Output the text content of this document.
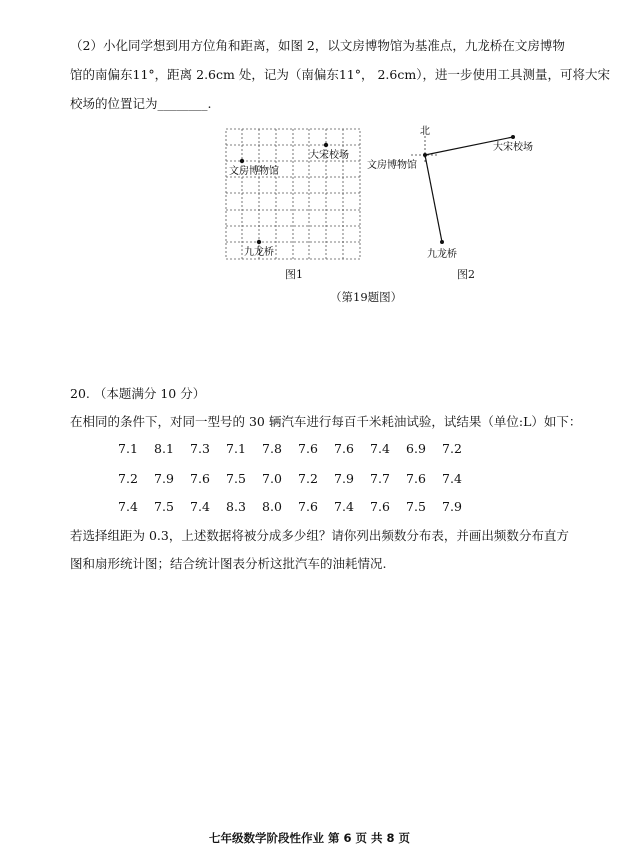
（2）小化同学想到用方位角和距离，如图 2，以文房博物馆为基准点，九龙桥在文房博物
馆的南偏东11°，距离 2.6cm 处，记为（南偏东11°， 2.6cm），进一步使用工具测量，可将大宋
校场的位置记为________.
文房博物馆
大宋校场
九龙桥
图1
北
文房博物馆
大宋校场
九龙桥
图2
（第19题图）
20. （本题满分 10 分）
在相同的条件下，对同一型号的 30 辆汽车进行每百千米耗油试验，试结果（单位:L）如下：
7.1	8.1	7.3	7.1	7.8	7.6	7.6	7.4	6.9	7.2
7.2	7.9	7.6	7.5	7.0	7.2	7.9	7.7	7.6	7.4
7.4	7.5	7.4	8.3	8.0	7.6	7.4	7.6	7.5	7.9
若选择组距为 0.3，上述数据将被分成多少组？请你列出频数分布表，并画出频数分布直方
图和扇形统计图；结合统计图表分析这批汽车的油耗情况.
七年级数学阶段性作业 第 6 页 共 8 页
